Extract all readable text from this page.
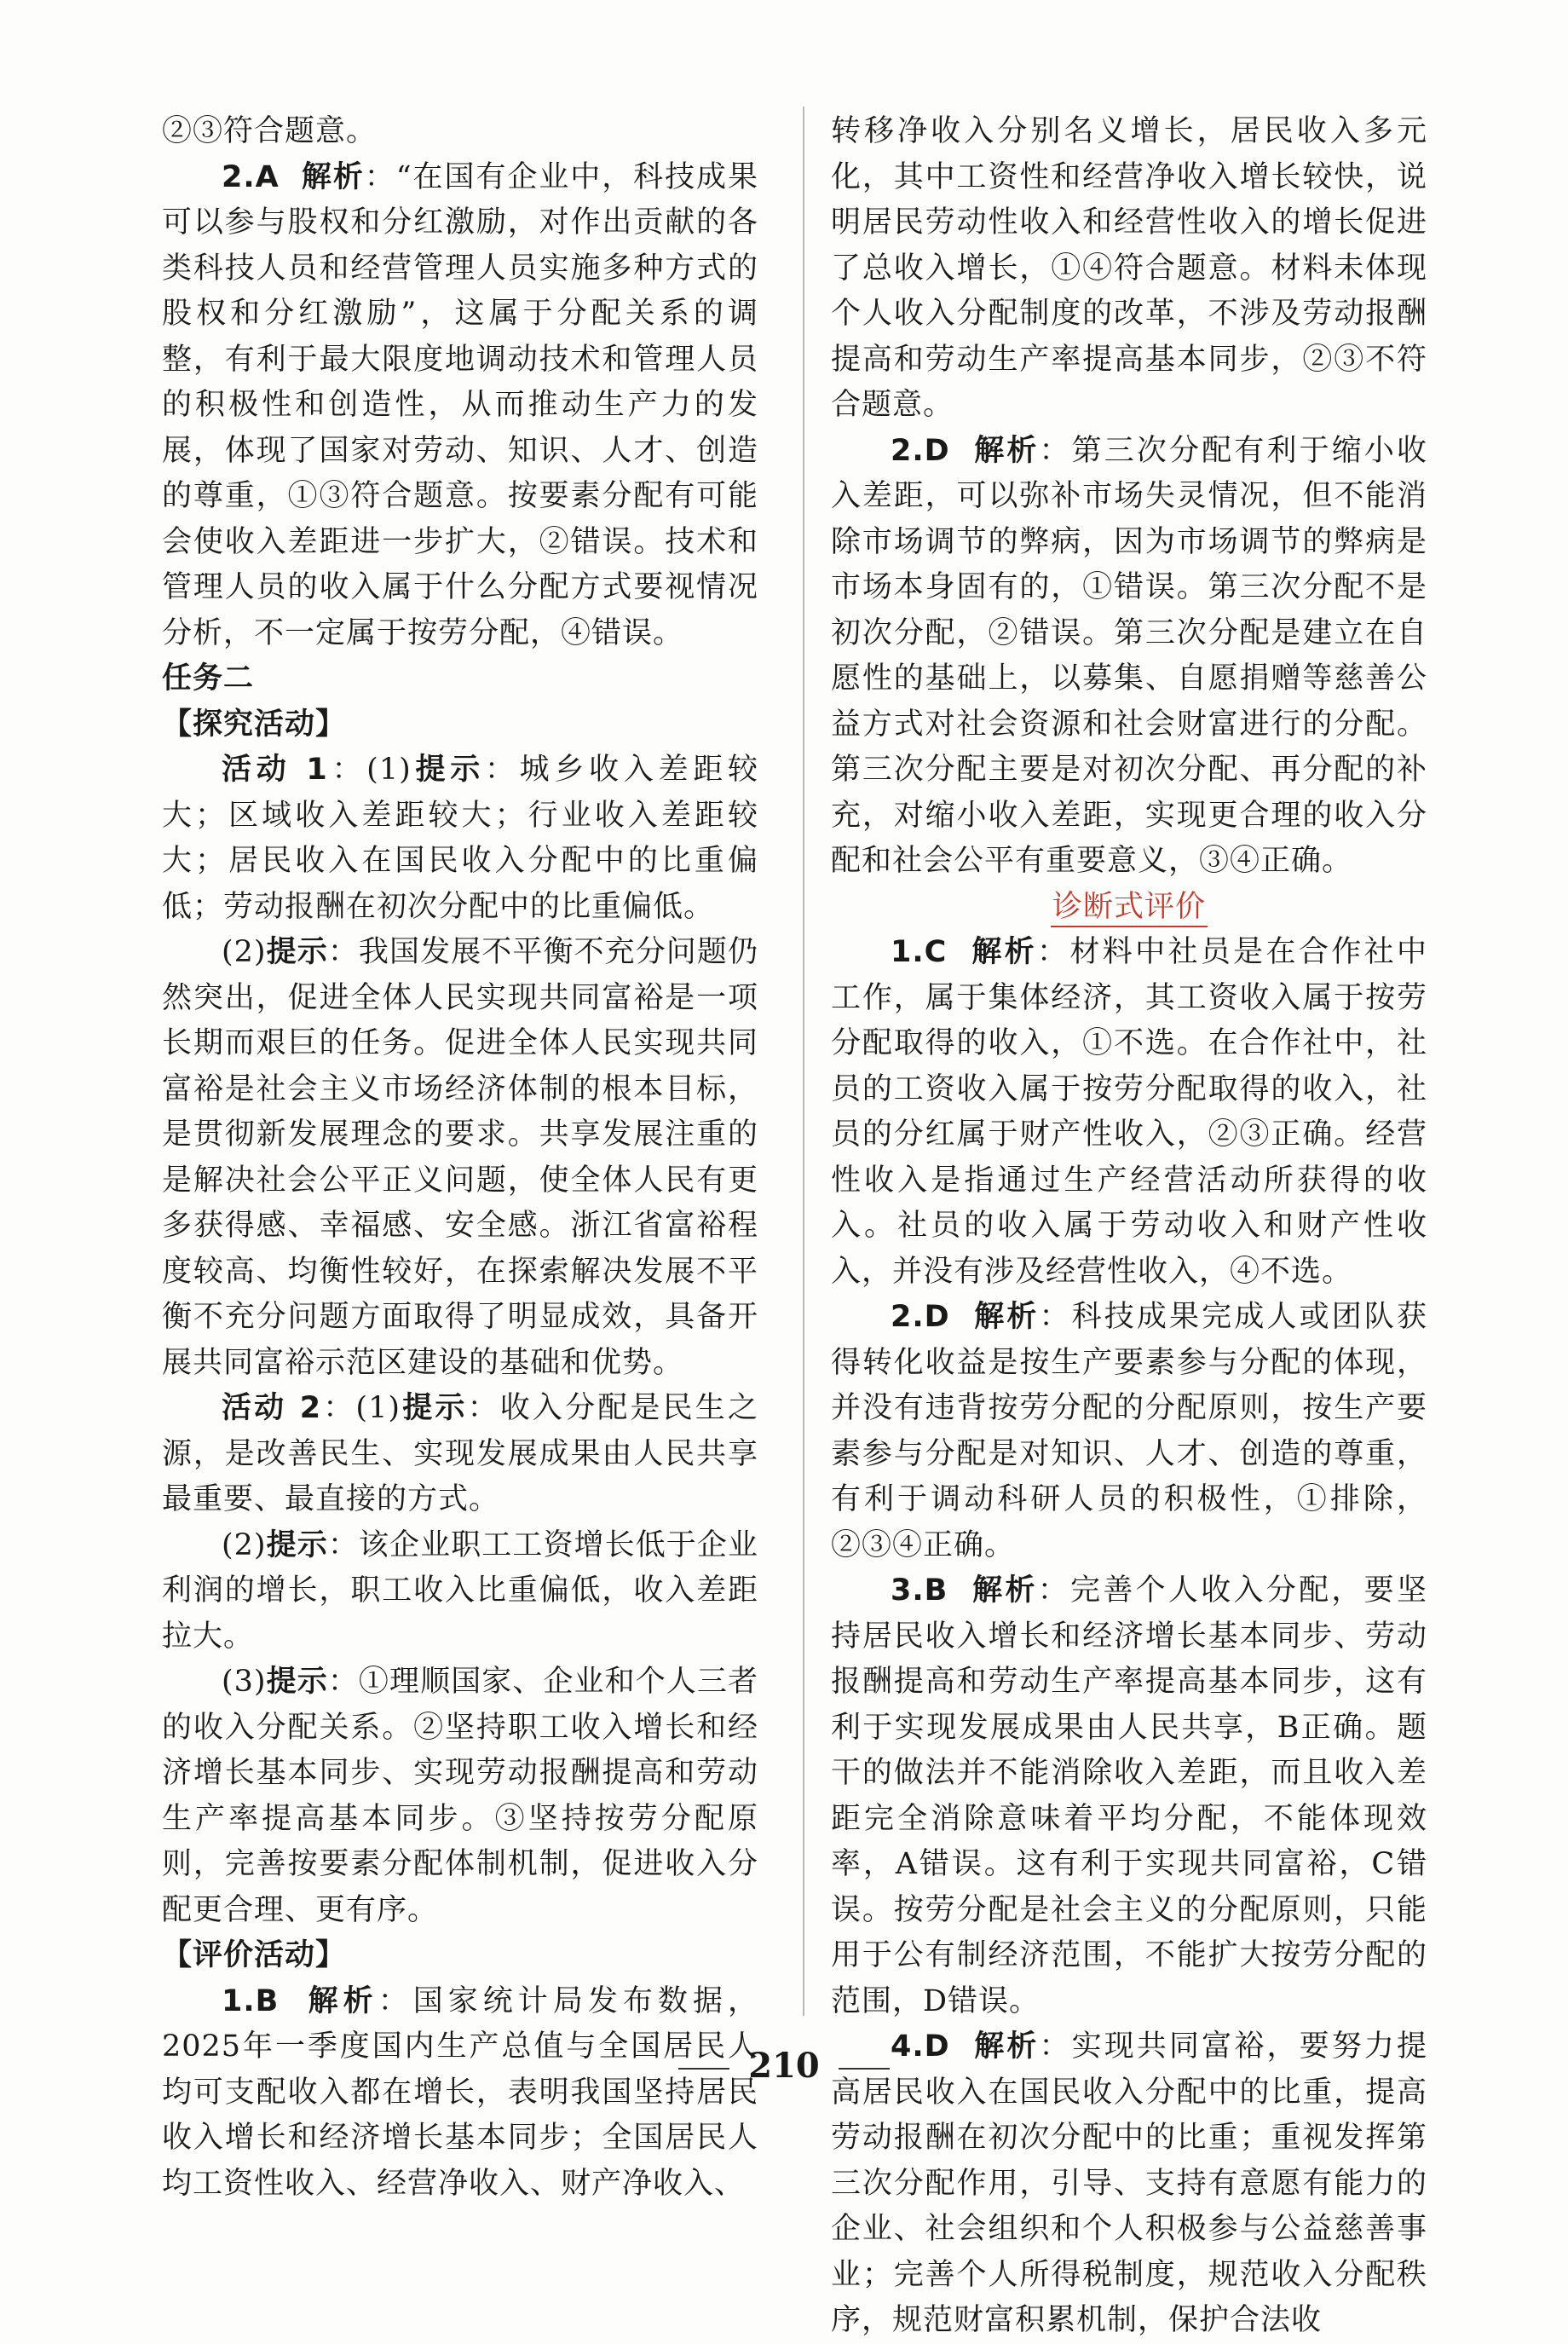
②③符合题意。

2.A 解析：“在国有企业中，科技成果可以参与股权和分红激励，对作出贡献的各类科技人员和经营管理人员实施多种方式的股权和分红激励”，这属于分配关系的调整，有利于最大限度地调动技术和管理人员的积极性和创造性，从而推动生产力的发展，体现了国家对劳动、知识、人才、创造的尊重，①③符合题意。按要素分配有可能会使收入差距进一步扩大，②错误。技术和管理人员的收入属于什么分配方式要视情况分析，不一定属于按劳分配，④错误。

任务二

【探究活动】

活动 1：(1)提示：城乡收入差距较大；区域收入差距较大；行业收入差距较大；居民收入在国民收入分配中的比重偏低；劳动报酬在初次分配中的比重偏低。

(2)提示：我国发展不平衡不充分问题仍然突出，促进全体人民实现共同富裕是一项长期而艰巨的任务。促进全体人民实现共同富裕是社会主义市场经济体制的根本目标，是贯彻新发展理念的要求。共享发展注重的是解决社会公平正义问题，使全体人民有更多获得感、幸福感、安全感。浙江省富裕程度较高、均衡性较好，在探索解决发展不平衡不充分问题方面取得了明显成效，具备开展共同富裕示范区建设的基础和优势。

活动 2：(1)提示：收入分配是民生之源，是改善民生、实现发展成果由人民共享最重要、最直接的方式。

(2)提示：该企业职工工资增长低于企业利润的增长，职工收入比重偏低，收入差距拉大。

(3)提示：①理顺国家、企业和个人三者的收入分配关系。②坚持职工收入增长和经济增长基本同步、实现劳动报酬提高和劳动生产率提高基本同步。③坚持按劳分配原则，完善按要素分配体制机制，促进收入分配更合理、更有序。

【评价活动】

1.B 解析：国家统计局发布数据，2025年一季度国内生产总值与全国居民人均可支配收入都在增长，表明我国坚持居民收入增长和经济增长基本同步；全国居民人均工资性收入、经营净收入、财产净收入、

转移净收入分别名义增长，居民收入多元化，其中工资性和经营净收入增长较快，说明居民劳动性收入和经营性收入的增长促进了总收入增长，①④符合题意。材料未体现个人收入分配制度的改革，不涉及劳动报酬提高和劳动生产率提高基本同步，②③不符合题意。

2.D 解析：第三次分配有利于缩小收入差距，可以弥补市场失灵情况，但不能消除市场调节的弊病，因为市场调节的弊病是市场本身固有的，①错误。第三次分配不是初次分配，②错误。第三次分配是建立在自愿性的基础上，以募集、自愿捐赠等慈善公益方式对社会资源和社会财富进行的分配。第三次分配主要是对初次分配、再分配的补充，对缩小收入差距，实现更合理的收入分配和社会公平有重要意义，③④正确。

诊断式评价

1.C 解析：材料中社员是在合作社中工作，属于集体经济，其工资收入属于按劳分配取得的收入，①不选。在合作社中，社员的工资收入属于按劳分配取得的收入，社员的分红属于财产性收入，②③正确。经营性收入是指通过生产经营活动所获得的收入。社员的收入属于劳动收入和财产性收入，并没有涉及经营性收入，④不选。

2.D 解析：科技成果完成人或团队获得转化收益是按生产要素参与分配的体现，并没有违背按劳分配的分配原则，按生产要素参与分配是对知识、人才、创造的尊重，有利于调动科研人员的积极性，①排除，②③④正确。

3.B 解析：完善个人收入分配，要坚持居民收入增长和经济增长基本同步、劳动报酬提高和劳动生产率提高基本同步，这有利于实现发展成果由人民共享，B正确。题干的做法并不能消除收入差距，而且收入差距完全消除意味着平均分配，不能体现效率，A错误。这有利于实现共同富裕，C错误。按劳分配是社会主义的分配原则，只能用于公有制经济范围，不能扩大按劳分配的范围，D错误。

4.D 解析：实现共同富裕，要努力提高居民收入在国民收入分配中的比重，提高劳动报酬在初次分配中的比重；重视发挥第三次分配作用，引导、支持有意愿有能力的企业、社会组织和个人积极参与公益慈善事业；完善个人所得税制度，规范收入分配秩序，规范财富积累机制，保护合法收

210
